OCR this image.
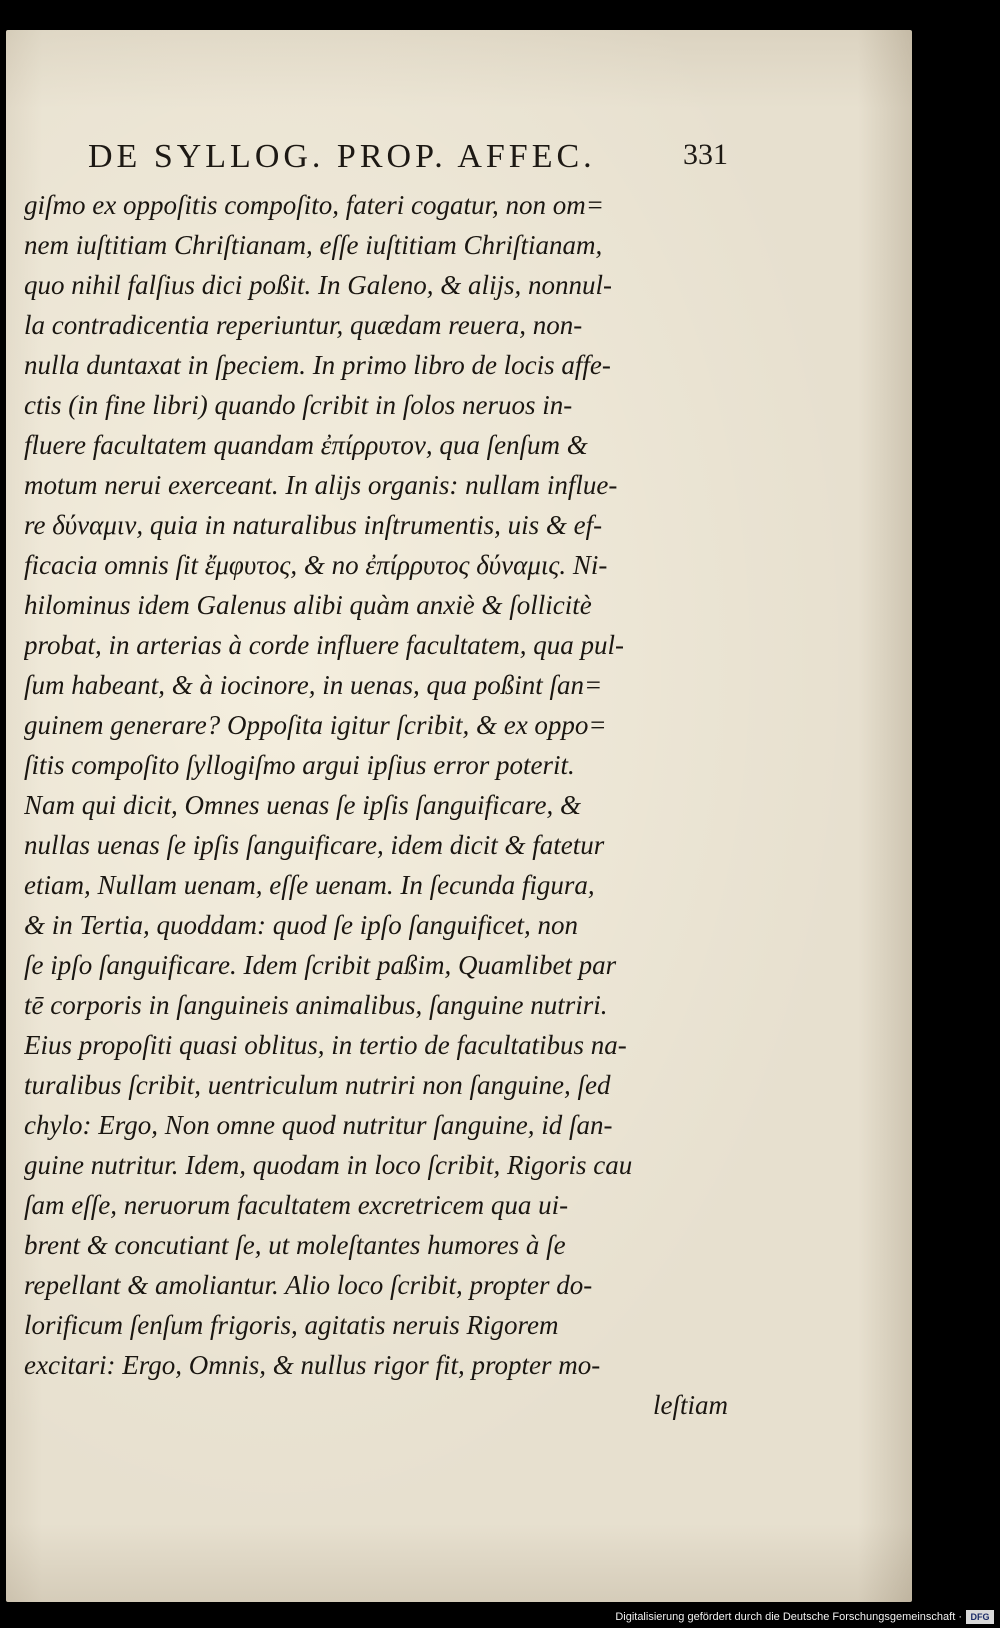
DE SYLLOG. PROP. AFFEC.	331
giſmo ex oppoſitis compoſito, fateri cogatur, non om=
nem iuſtitiam Chriſtianam, eſſe iuſtitiam Chriſtianam,
quo nihil falſius dici poßit. In Galeno, & alijs, nonnul-
la contradicentia reperiuntur, quædam reuera, non-
nulla duntaxat in ſpeciem. In primo libro de locis affe-
ctis (in fine libri) quando ſcribit in ſolos neruos in-
fluere facultatem quandam ἐπίρρυτον, qua ſenſum &
motum nerui exerceant. In alijs organis: nullam influe-
re δύναμιν, quia in naturalibus inſtrumentis, uis & ef-
ficacia omnis ſit ἔμφυτος, & no ἐπίρρυτος δύναμις. Ni-
hilominus idem Galenus alibi quàm anxiè & ſollicitè
probat, in arterias à corde influere facultatem, qua pul-
ſum habeant, & à iocinore, in uenas, qua poßint ſan=
guinem generare? Oppoſita igitur ſcribit, & ex oppo=
ſitis compoſito ſyllogiſmo argui ipſius error poterit.
Nam qui dicit, Omnes uenas ſe ipſis ſanguificare, &
nullas uenas ſe ipſis ſanguificare, idem dicit & fatetur
etiam, Nullam uenam, eſſe uenam. In ſecunda figura,
& in Tertia, quoddam: quod ſe ipſo ſanguificet, non
ſe ipſo ſanguificare. Idem ſcribit paßim, Quamlibet par
tē corporis in ſanguineis animalibus, ſanguine nutriri.
Eius propoſiti quasi oblitus, in tertio de facultatibus na-
turalibus ſcribit, uentriculum nutriri non ſanguine, ſed
chylo: Ergo, Non omne quod nutritur ſanguine, id ſan-
guine nutritur. Idem, quodam in loco ſcribit, Rigoris cau
ſam eſſe, neruorum facultatem excretricem qua ui-
brent & concutiant ſe, ut moleſtantes humores à ſe
repellant & amoliantur. Alio loco ſcribit, propter do-
lorificum ſenſum frigoris, agitatis neruis Rigorem
excitari: Ergo, Omnis, & nullus rigor fit, propter mo-
leſtiam
Digitalisierung gefördert durch die Deutsche Forschungsgemeinschaft · DFG
